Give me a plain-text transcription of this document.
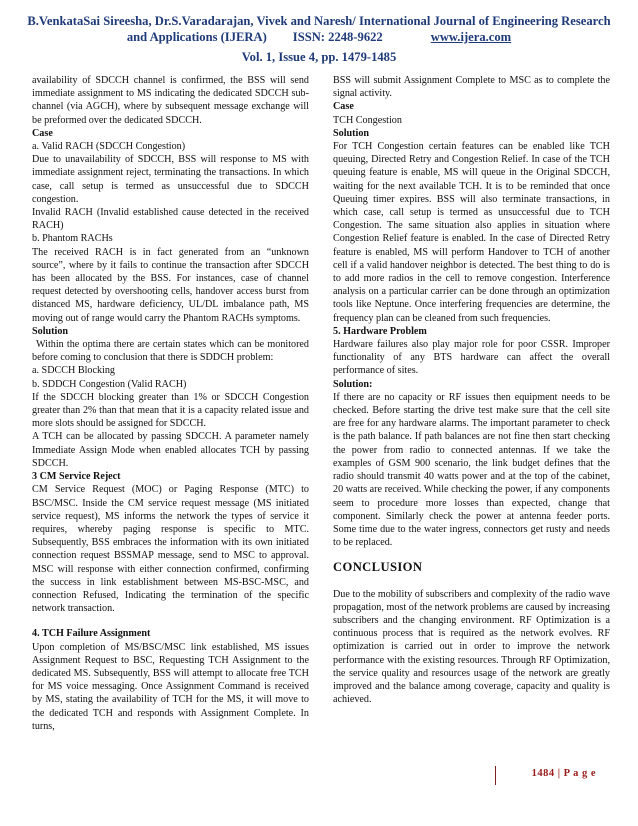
B.VenkataSai Sireesha, Dr.S.Varadarajan, Vivek and Naresh/ International Journal of Engineering Research
and Applications (IJERA) ISSN: 2248-9622	www.ijera.com
Vol. 1, Issue 4, pp. 1479-1485

availability of SDCCH channel is confirmed, the BSS will send immediate assignment to MS indicating the dedicated SDCCH sub-channel (via AGCH), where by subsequent message exchange will be preformed over the dedicated SDCCH.

Case

a. Valid RACH (SDCCH Congestion)

Due to unavailability of SDCCH, BSS will response to MS with immediate assignment reject, terminating the transactions. In which case, call setup is termed as unsuccessful due to SDCCH congestion.

Invalid RACH (Invalid established cause detected in the received RACH)

b. Phantom RACHs

The received RACH is in fact generated from an “unknown source”, where by it fails to continue the transaction after SDCCH has been allocated by the BSS. For instances, case of channel request detected by overshooting cells, handover access burst from distanced MS, hardware deficiency, UL/DL imbalance path, MS moving out of range would carry the Phantom RACHs symptoms.

Solution

Within the optima there are certain states which can be monitored before coming to conclusion that there is SDDCH problem:

a. SDCCH Blocking

b. SDDCH Congestion (Valid RACH)

If the SDCCH blocking greater than 1% or SDCCH Congestion greater than 2% than that mean that it is a capacity related issue and more slots should be assigned for SDCCH.

A TCH can be allocated by passing SDCCH. A parameter namely Immediate Assign Mode when enabled allocates TCH by passing SDCCH.

3 CM Service Reject

CM Service Request (MOC) or Paging Response (MTC) to BSC/MSC. Inside the CM service request message (MS initiated service request), MS informs the network the types of service it requires, whereby paging response is specific to MTC. Subsequently, BSS embraces the information with its own initiated connection request BSSMAP message, send to MSC to approval. MSC will response with either connection confirmed, confirming the success in link establishment between MS-BSC-MSC, and connection Refused, Indicating the termination of the specific network transaction.

4. TCH Failure Assignment

Upon completion of MS/BSC/MSC link established, MS issues Assignment Request to BSC, Requesting TCH Assignment to the dedicated MS. Subsequently, BSS will attempt to allocate free TCH for MS voice messaging. Once Assignment Command is received by MS, stating the availability of TCH for the MS, it will move to the dedicated TCH and responds with Assignment Complete. In turns,

BSS will submit Assignment Complete to MSC as to complete the signal activity.

Case

TCH Congestion

Solution

For TCH Congestion certain features can be enabled like TCH queuing, Directed Retry and Congestion Relief. In case of the TCH queuing feature is enable, MS will queue in the Original SDCCH, waiting for the next available TCH. It is to be reminded that once Queuing timer expires. BSS will also terminate transactions, in which case, call setup is termed as unsuccessful due to TCH Congestion. The same situation also applies in situation where Congestion Relief feature is enabled. In the case of Directed Retry feature is enabled, MS will perform Handover to TCH of another cell if a valid handover neighbor is detected. The best thing to do is to add more radios in the cell to remove congestion. Interference analysis on a particular carrier can be done through an optimization tools like Neptune. Once interfering frequencies are determine, the frequency plan can be cleaned from such frequencies.

5. Hardware Problem

Hardware failures also play major role for poor CSSR. Improper functionality of any BTS hardware can affect the overall performance of sites.

Solution:

If there are no capacity or RF issues then equipment needs to be checked. Before starting the drive test make sure that the cell site are free for any hardware alarms. The important parameter to check is the path balance. If path balances are not fine then start checking the power from radio to connected antennas. If we take the examples of GSM 900 scenario, the link budget defines that the radio should transmit 40 watts power and at the top of the cabinet, 20 watts are received. While checking the power, if any components seem to procedure more losses than expected, change that component. Similarly check the power at antenna feeder ports. Some time due to the water ingress, connectors get rusty and needs to be replaced.

CONCLUSION

Due to the mobility of subscribers and complexity of the radio wave propagation, most of the network problems are caused by increasing subscribers and the changing environment. RF Optimization is a continuous process that is required as the network evolves. RF optimization is carried out in order to improve the network performance with the existing resources. Through RF Optimization, the service quality and resources usage of the network are greatly improved and the balance among coverage, capacity and quality is achieved.

1484 | P a g e
